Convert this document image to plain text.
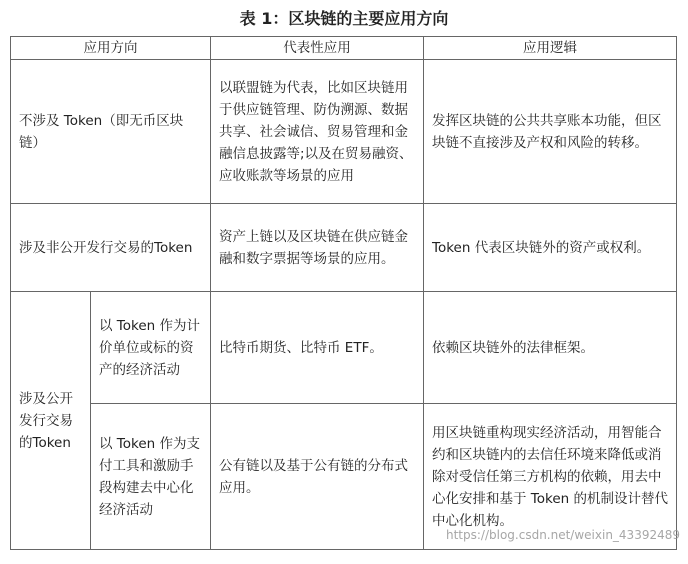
表 1：区块链的主要应用方向
应用方向		代表性应用	应用逻辑
不涉及 Token（即无币区块链）		以联盟链为代表，比如区块链用于供应链管理、防伪溯源、数据共享、社会诚信、贸易管理和金融信息披露等;以及在贸易融资、应收账款等场景的应用	发挥区块链的公共共享账本功能，但区块链不直接涉及产权和风险的转移。
涉及非公开发行交易的Token		资产上链以及区块链在供应链金融和数字票据等场景的应用。	Token 代表区块链外的资产或权利。
涉及公开发行交易的Token	以 Token 作为计价单位或标的资产的经济活动	比特币期货、比特币 ETF。	依赖区块链外的法律框架。
	以 Token 作为支付工具和激励手段构建去中心化经济活动	公有链以及基于公有链的分布式应用。	用区块链重构现实经济活动，用智能合约和区块链内的去信任环境来降低或消除对受信任第三方机构的依赖，用去中心化安排和基于 Token 的机制设计替代中心化机构。
https://blog.csdn.net/weixin_43392489
